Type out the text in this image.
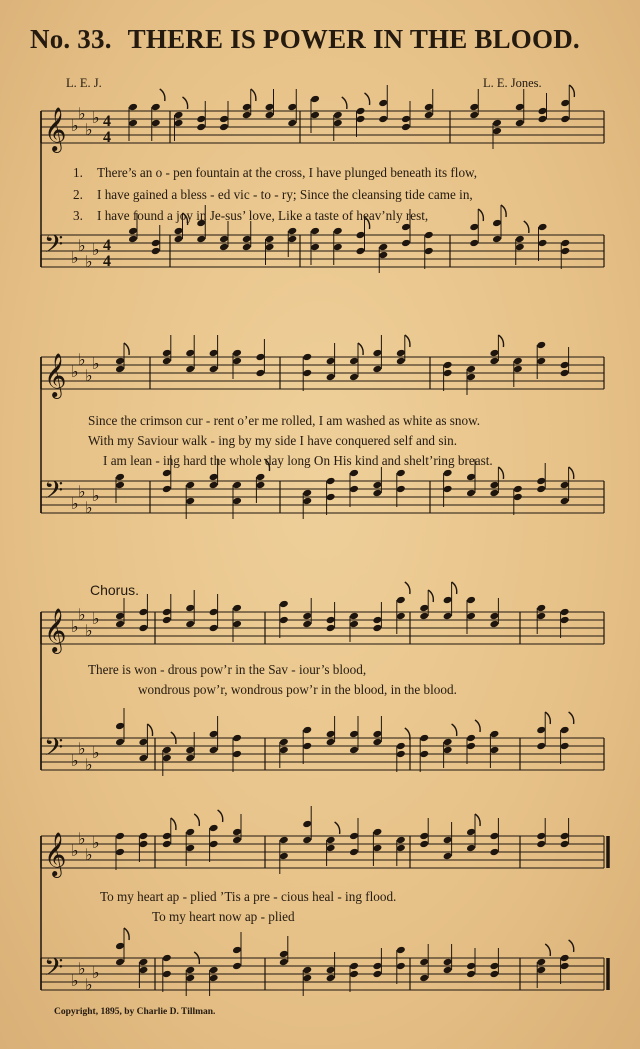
No. 33. THERE IS POWER IN THE BLOOD.
L. E. J.	L. E. Jones.
𝄞 ♭
♭
♭
♭ 4
4
𝄢 ♭
♭
♭
♭ 4
4
𝄞 ♭
♭
♭
♭
𝄢 ♭
♭
♭
♭
𝄞 ♭
♭
♭
♭
𝄢 ♭
♭
♭
♭
𝄞 ♭
♭
♭
♭
𝄢 ♭
♭
♭
♭
1. There’s an o - pen fountain at the cross, I have plunged beneath its flow,
2. I have gained a bless - ed vic - to - ry; Since the cleansing tide came in,
3. I have found a joy in Je-sus’ love, Like a taste of heav’nly rest,
Since the crimson cur - rent o’er me rolled, I am washed as white as snow.
With my Saviour walk - ing by my side I have conquered self and sin.
I am lean - ing hard the whole day long On His kind and shelt’ring breast.
Chorus.
There is won - drous pow’r in the Sav - iour’s blood,
wondrous pow’r, wondrous pow’r in the blood, in the blood.
To my heart ap - plied ’Tis a pre - cious heal - ing flood.
To my heart now ap - plied
Copyright, 1895, by Charlie D. Tillman.
